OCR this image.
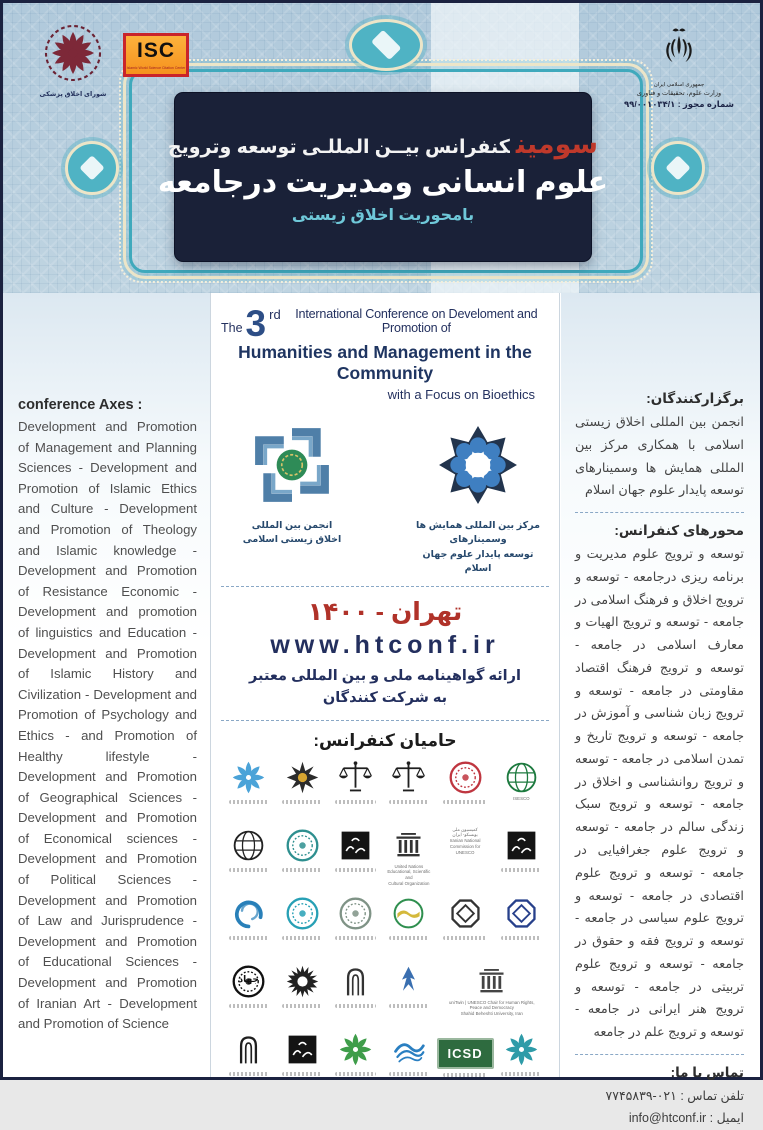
شورای اخلاق پزشکی
ISC
Islamic World Science Citation Center
جمهوری اسلامی ایران
وزارت علوم، تحقیقات و فناوری
شماره مجوز : ۹۹/۰۰۱۰۳۴/۱
سومینکنفرانس بیــن المللـی توسعه وترویج
علوم انسانی ومدیریت درجامعه
بامحوریت اخلاق زیستی
conference Axes :
Development and Promotion of Management and Planning Sciences - Development and Promotion of Islamic Ethics and Culture - Development and Promotion of Theology and Islamic knowledge - Development and Promotion of Resistance Economic - Development and promotion of linguistics and Education - Development and Promotion of Islamic History and Civilization - Development and Promotion of Psychology and Ethics - and Promotion of Healthy lifestyle - Development and Promotion of Geographical Sciences - Development and Promotion of Economical sciences - Development and Promotion of Political Sciences - Development and Promotion of Law and Jurisprudence - Development and Promotion of Educational Sciences - Development and Promotion of Iranian Art - Development and Promotion of Science
The 3 rd	International Conference on Develoment and Promotion of
Humanities and Management in the Community
with a Focus on Bioethics
انجمن بین المللی
اخلاق زیستی اسلامی
مرکز بین المللی همایش ها وسمینارهای
توسعه پایدار علوم جهان اسلام
تهران - ۱۴۰۰
www.htconf.ir
ارائه گواهینامه ملی و بین المللی معتبر به شرکت کنندگان
حامیان کنفرانس:
ISESCO
United Nations
Educational, Scientific and
Cultural Organization
کمیسیون ملی
یونسکو- ایران
Iranian National
Commission for
UNESCO
جهاد
uniTwin | UNESCO Chair for Human Rights,
Peace and Democracy
Shahid Beheshti University, Iran
ICSD
برگزارکنندگان:
انجمن بین المللی اخلاق زیستی اسلامی با همکاری مرکز بین المللی همایش ها وسمینارهای توسعه پایدار علوم جهان اسلام
محورهای کنفرانس:
توسعه و ترویج علوم مدیریت و برنامه ریزی درجامعه - توسعه و ترویج اخلاق و فرهنگ اسلامی در جامعه - توسعه و ترویج الهیات و معارف اسلامی در جامعه - توسعه و ترویج فرهنگ اقتصاد مقاومتی در جامعه - توسعه و ترویج زبان شناسی و آموزش در جامعه - توسعه و ترویج تاریخ و تمدن اسلامی در جامعه - توسعه و ترویج روانشناسی و اخلاق در جامعه - توسعه و ترویج سبک زندگی سالم در جامعه - توسعه و ترویج علوم جغرافیایی در جامعه - توسعه و ترویج علوم اقتصادی در جامعه - توسعه و ترویج علوم سیاسی در جامعه - توسعه و ترویج فقه و حقوق در جامعه - توسعه و ترویج علوم تربیتی در جامعه - توسعه و ترویج هنر ایرانی در جامعه - توسعه و ترویج علم در جامعه
تماس با ما:
تلفن تماس : ۰۲۱-۷۷۴۵۸۳۹
ایمیل : info@htconf.ir
